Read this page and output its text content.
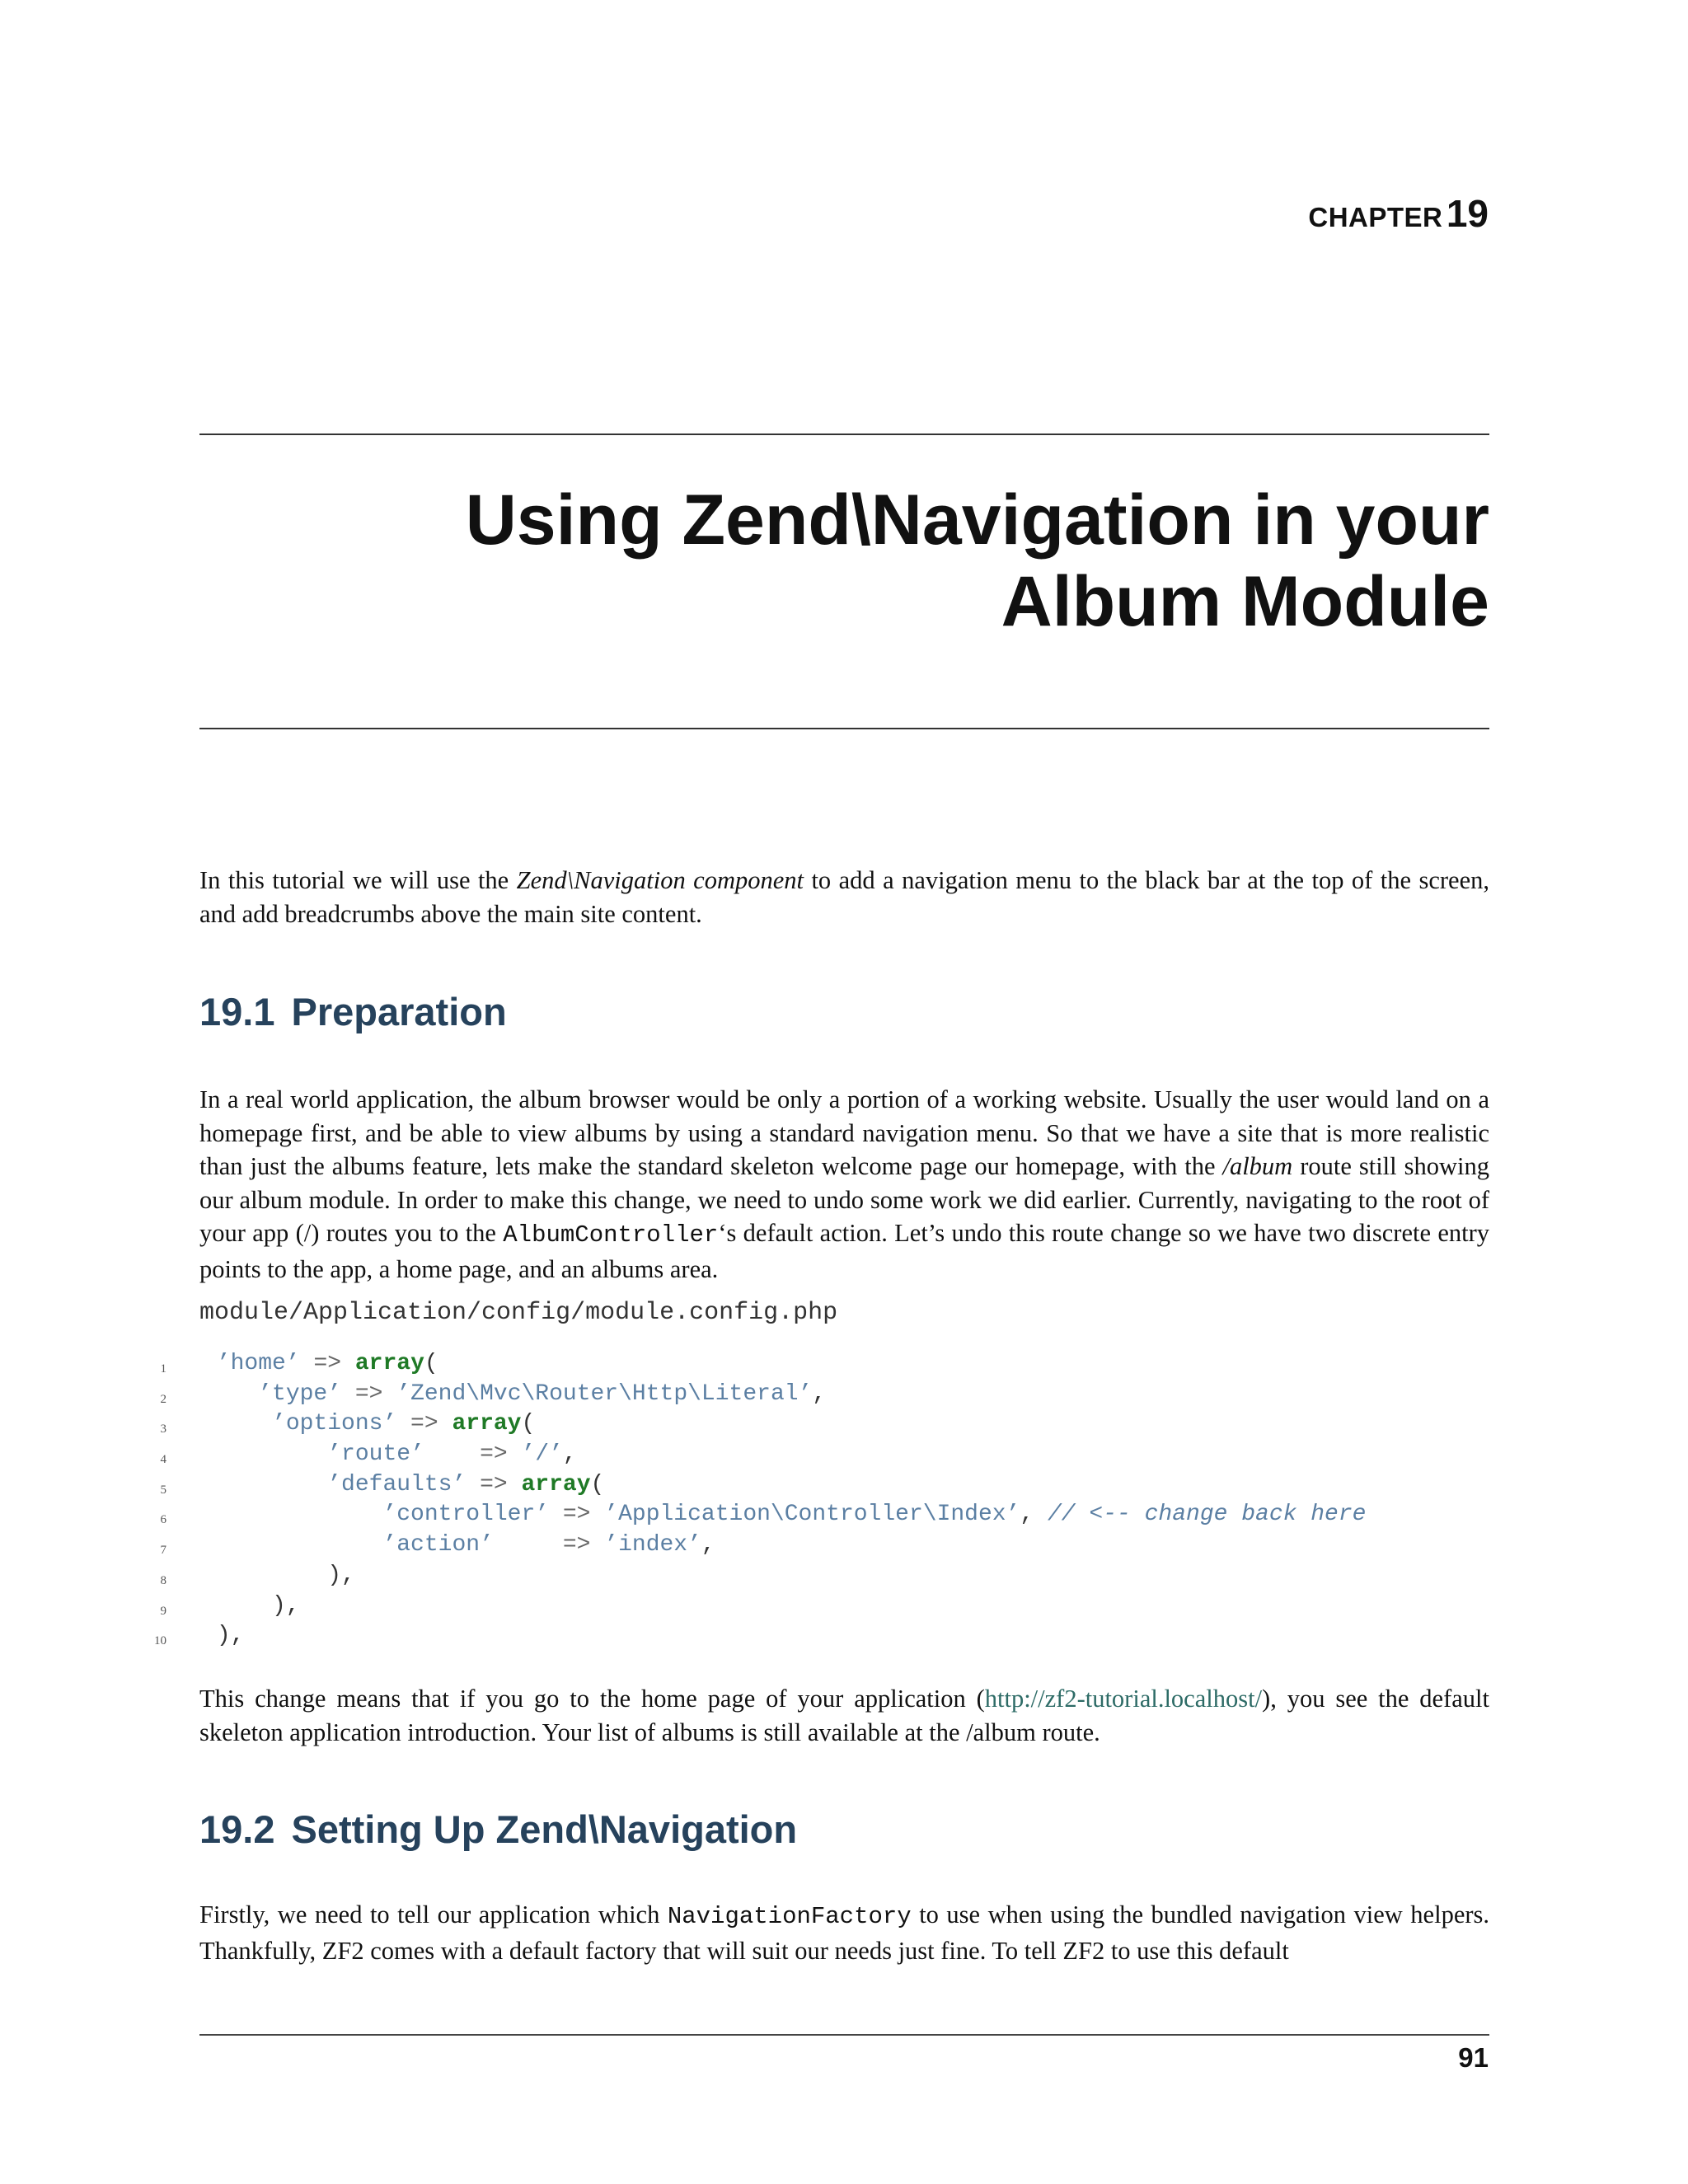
CHAPTER 19
Using Zend\Navigation in your Album Module

In this tutorial we will use the Zend\Navigation component to add a navigation menu to the black bar at the top of the screen, and add breadcrumbs above the main site content.

19.1 Preparation

In a real world application, the album browser would be only a portion of a working website. Usually the user would land on a homepage first, and be able to view albums by using a standard navigation menu. So that we have a site that is more realistic than just the albums feature, lets make the standard skeleton welcome page our homepage, with the /album route still showing our album module. In order to make this change, we need to undo some work we did earlier. Currently, navigating to the root of your app (/) routes you to the AlbumController‘s default action. Let’s undo this route change so we have two discrete entry points to the app, a home page, and an albums area.

module/Application/config/module.config.php
1	’home’ => array(
2	’type’ => ’Zend\Mvc\Router\Http\Literal’,
3	’options’ => array(
4	’route’    => ’/’,
5	’defaults’ => array(
6	’controller’ => ’Application\Controller\Index’, // <-- change back here
7	’action’     => ’index’,
8	),
9	),
10	),

This change means that if you go to the home page of your application (http://zf2-tutorial.localhost/), you see the default skeleton application introduction. Your list of albums is still available at the /album route.

19.2 Setting Up Zend\Navigation

Firstly, we need to tell our application which NavigationFactory to use when using the bundled navigation view helpers. Thankfully, ZF2 comes with a default factory that will suit our needs just fine. To tell ZF2 to use this default

91
